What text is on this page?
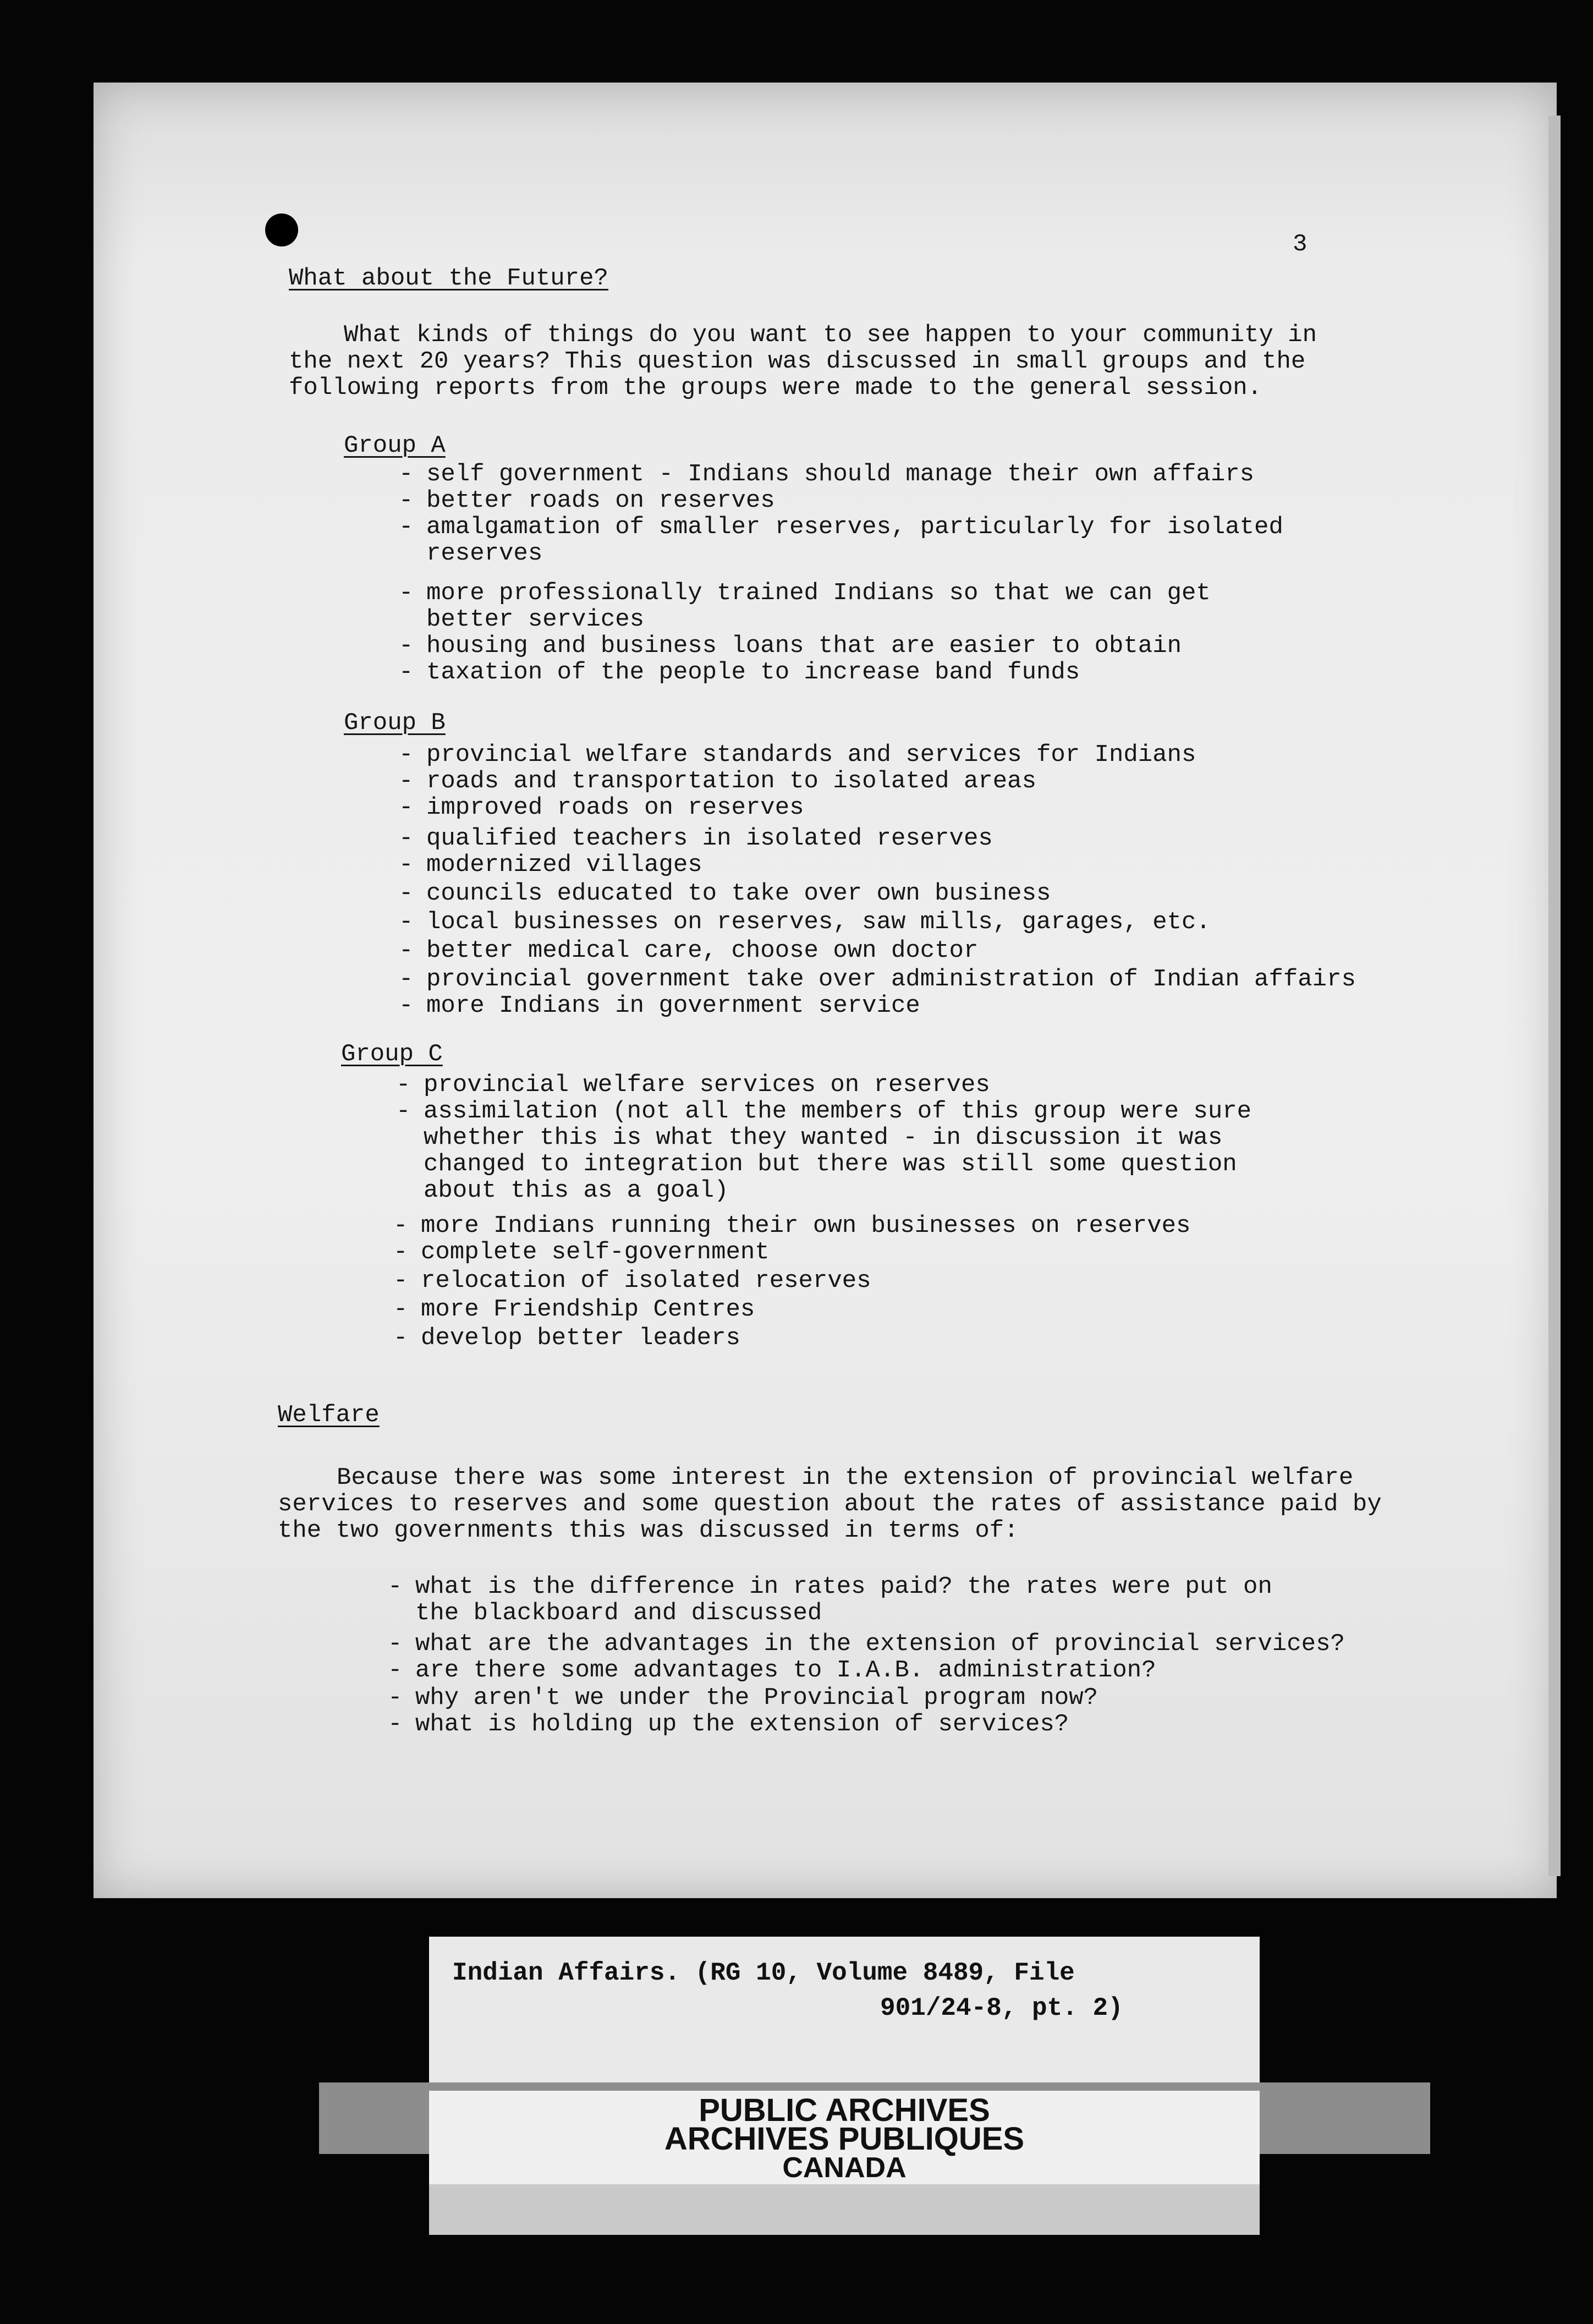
3
What about the Future?
What kinds of things do you want to see happen to your community in
the next 20 years? This question was discussed in small groups and the
following reports from the groups were made to the general session.
Group A
- self government - Indians should manage their own affairs
- better roads on reserves
- amalgamation of smaller reserves, particularly for isolated reserves
- more professionally trained Indians so that we can get better services
- housing and business loans that are easier to obtain
- taxation of the people to increase band funds
Group B
- provincial welfare standards and services for Indians
- roads and transportation to isolated areas
- improved roads on reserves
- qualified teachers in isolated reserves
- modernized villages
- councils educated to take over own business
- local businesses on reserves, saw mills, garages, etc.
- better medical care, choose own doctor
- provincial government take over administration of Indian affairs
- more Indians in government service
Group C
- provincial welfare services on reserves
- assimilation (not all the members of this group were sure whether this is what they wanted - in discussion it was changed to integration but there was still some question about this as a goal)
- more Indians running their own businesses on reserves
- complete self-government
- relocation of isolated reserves
- more Friendship Centres
- develop better leaders
Welfare
Because there was some interest in the extension of provincial welfare
services to reserves and some question about the rates of assistance paid by
the two governments this was discussed in terms of:
- what is the difference in rates paid? the rates were put on the blackboard and discussed
- what are the advantages in the extension of provincial services?
- are there some advantages to I.A.B. administration?
- why aren't we under the Provincial program now?
- what is holding up the extension of services?
Indian Affairs. (RG 10, Volume 8489, File
901/24-8, pt. 2)
PUBLIC ARCHIVES
ARCHIVES PUBLIQUES
CANADA
